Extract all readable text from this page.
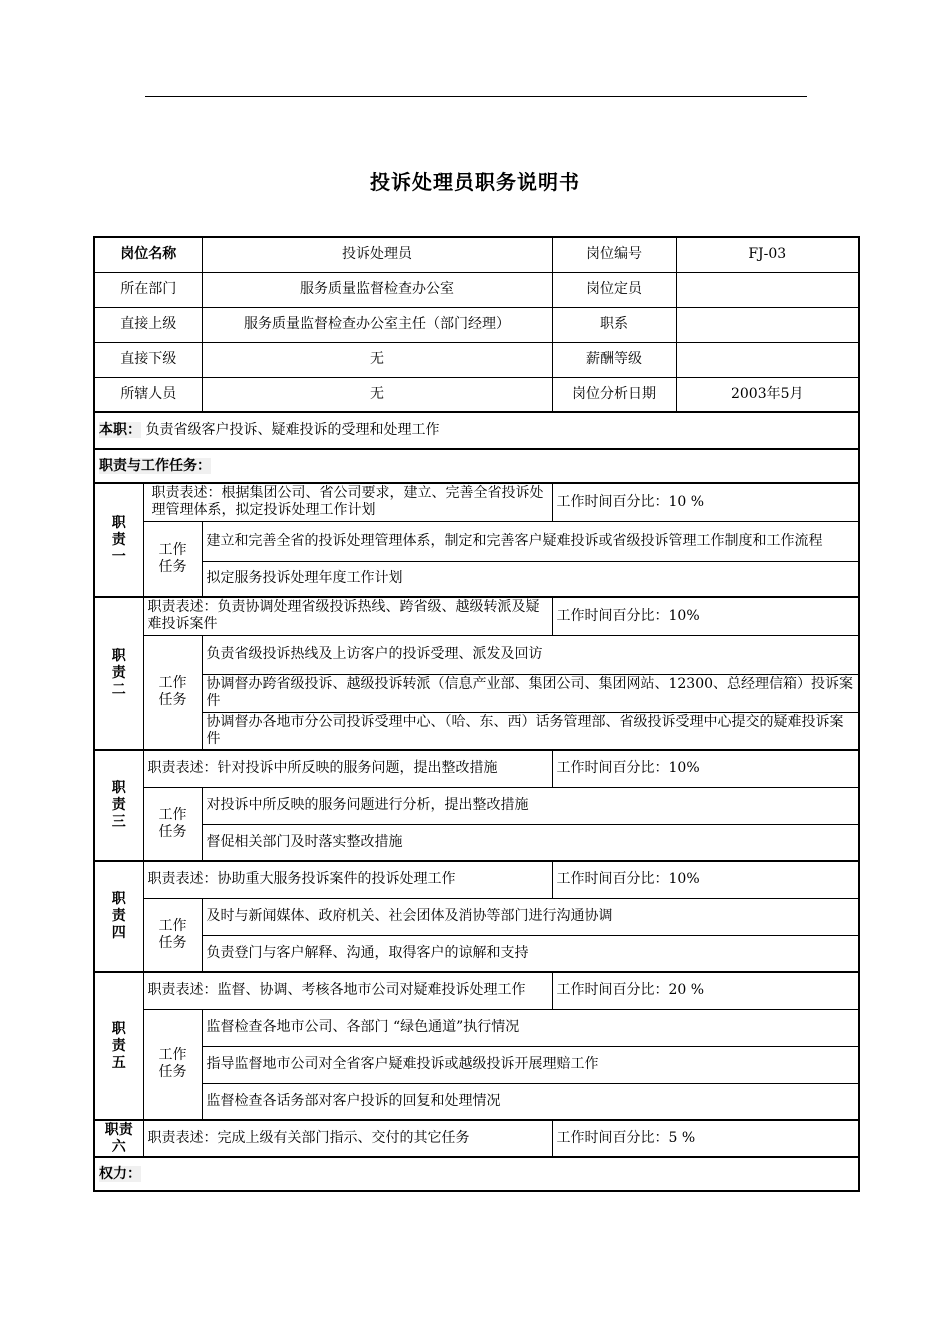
投诉处理员职务说明书
岗位名称		投诉处理员	岗位编号	FJ-03
所在部门		服务质量监督检查办公室	岗位定员	
直接上级		服务质量监督检查办公室主任（部门经理）	职系	
直接下级		无	薪酬等级	
所辖人员		无	岗位分析日期	2003年5月
本职： 负责省级客户投诉、疑难投诉的受理和处理工作				
职责与工作任务：				
职责一	职责表述：根据集团公司、省公司要求，建立、完善全省投诉处理管理体系，拟定投诉处理工作计划		工作时间百分比：10 %	
	工作任务	建立和完善全省的投诉处理管理体系，制定和完善客户疑难投诉或省级投诉管理工作制度和工作流程		
		拟定服务投诉处理年度工作计划		
职责二	职责表述：负责协调处理省级投诉热线、跨省级、越级转派及疑难投诉案件		工作时间百分比：10%	
	工作任务	负责省级投诉热线及上访客户的投诉受理、派发及回访		
		协调督办跨省级投诉、越级投诉转派（信息产业部、集团公司、集团网站、12300、总经理信箱）投诉案件		
		协调督办各地市分公司投诉受理中心、（哈、东、西）话务管理部、省级投诉受理中心提交的疑难投诉案件		
职责三	职责表述：针对投诉中所反映的服务问题，提出整改措施		工作时间百分比：10%	
	工作任务	对投诉中所反映的服务问题进行分析，提出整改措施		
		督促相关部门及时落实整改措施		
职责四	职责表述：协助重大服务投诉案件的投诉处理工作		工作时间百分比：10%	
	工作任务	及时与新闻媒体、政府机关、社会团体及消协等部门进行沟通协调		
		负责登门与客户解释、沟通，取得客户的谅解和支持		
职责五	职责表述：监督、协调、考核各地市公司对疑难投诉处理工作		工作时间百分比：20 %	
	工作任务	监督检查各地市公司、各部门 “绿色通道”执行情况		
		指导监督地市公司对全省客户疑难投诉或越级投诉开展理赔工作		
		监督检查各话务部对客户投诉的回复和处理情况		
职责六	职责表述：完成上级有关部门指示、交付的其它任务		工作时间百分比：5 %	
权力：				
